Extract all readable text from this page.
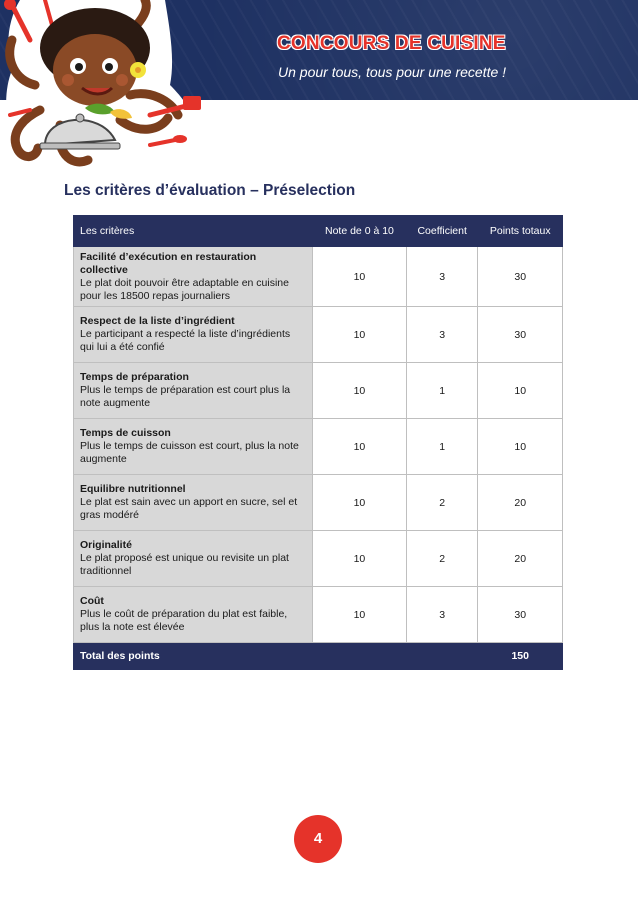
CONCOURS DE CUISINE
Un pour tous, tous pour une recette !
Les critères d’évaluation – Préselection
Les critères	Note de 0 à 10	Coefficient	Points totaux

Facilité d’exécution en restauration collective
Le plat doit pouvoir être adaptable en cuisine pour les 18500 repas journaliers	10	3	30

Respect de la liste d’ingrédient
Le participant a respecté la liste d’ingrédients qui lui a été confié	10	3	30

Temps de préparation
Plus le temps de préparation est court plus la note augmente	10	1	10

Temps de cuisson
Plus le temps de cuisson est court, plus la note augmente	10	1	10

Equilibre nutritionnel
Le plat est sain avec un apport en sucre, sel et gras modéré	10	2	20

Originalité
Le plat proposé est unique ou revisite un plat traditionnel	10	2	20

Coût
Plus le coût de préparation du plat est faible, plus la note est élevée	10	3	30
Total des points			150
4
